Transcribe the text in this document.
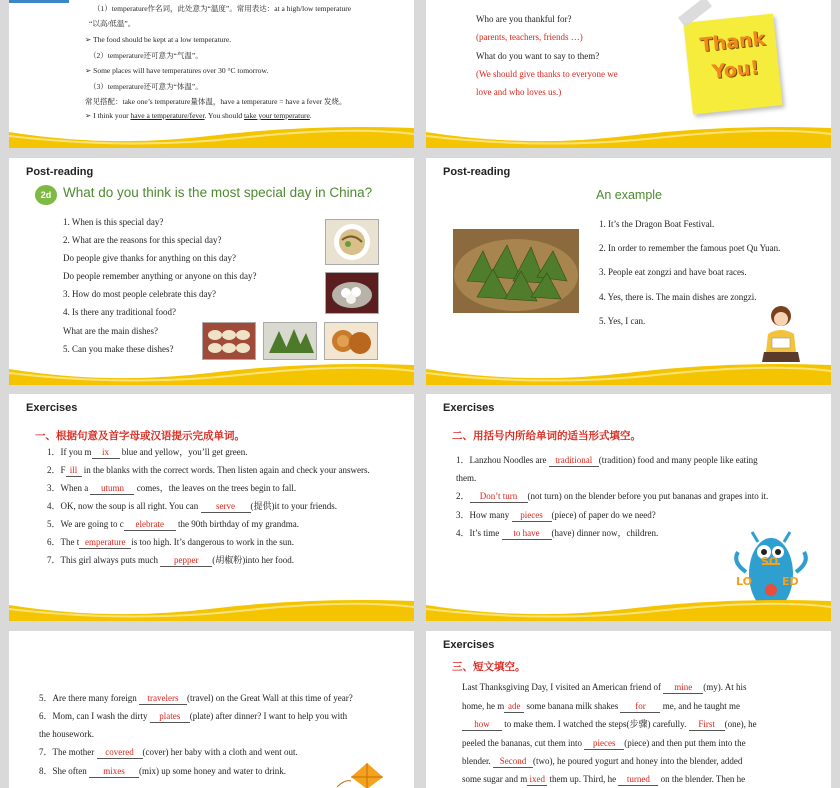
（1）temperature作名词，此处意为“温度”。常用表达：at a high/low temperature
“以高/低温”。
➢ The food should be kept at a low temperature.
（2）temperature还可意为“气温”。
➢ Some places will have temperatures over 30 °C tomorrow.
（3）temperature还可意为“体温”。
常见搭配：take one’s temperature量体温，have a temperature = have a fever 发烧。
➢ I think your have a temperature/fever. You should take your temperature.
Who are you thankful for?
(parents, teachers, friends …)
What do you want to say to them?
(We should give thanks to everyone we
love and who loves us.)
Thank
You!
Post-reading
2d What do you think is the most special day in China?
1. When is this special day?
2. What are the reasons for this special day?
Do people give thanks for anything on this day?
Do people remember anything or anyone on this day?
3. How do most people celebrate this day?
4. Is there any traditional food?
What are the main dishes?
5. Can you make these dishes?
Post-reading
An example
1. It’s the Dragon Boat Festival.
2. In order to remember the famous poet Qu Yuan.
3. People eat zongzi and have boat races.
4. Yes, there is. The main dishes are zongzi.
5. Yes, I can.
Exercises
一、根据句意及首字母或汉语提示完成单词。
1．If you m ix blue and yellow，you’ll get green.
2．F ill in the blanks with the correct words. Then listen again and check your answers.
3．When a utumn comes，the leaves on the trees begin to fall.
4．OK, now the soup is all right. You can serve (提供)it to your friends.
5．We are going to c elebrate the 90th birthday of my grandma.
6．The t emperature is too high. It’s dangerous to work in the sun.
7．This girl always puts much pepper (胡椒粉)into her food.
Exercises
二、用括号内所给单词的适当形式填空。
1．Lanzhou Noodles are traditional (tradition) food and many people like eating
them.
2． Don’t turn (not turn) on the blender before you put bananas and grapes into it.
3．How many pieces (piece) of paper do we need?
4．It’s time to have (have) dinner now，children.
SO
LO	ED
5．Are there many foreign travelers (travel) on the Great Wall at this time of year?
6．Mom, can I wash the dirty plates (plate) after dinner? I want to help you with
the housework.
7．The mother covered (cover) her baby with a cloth and went out.
8．She often mixes (mix) up some honey and water to drink.
Exercises
三、短文填空。
Last Thanksgiving Day, I visited an American friend of mine (my). At his
home, he m ade some banana milk shakes for me, and he taught me
how to make them. I watched the steps(步骤) carefully. First (one), he
peeled the bananas, cut them into pieces (piece) and then put them into the
blender. Second (two), he poured yogurt and honey into the blender, added
some sugar and m ixed them up. Third, he turned on the blender. Then he
